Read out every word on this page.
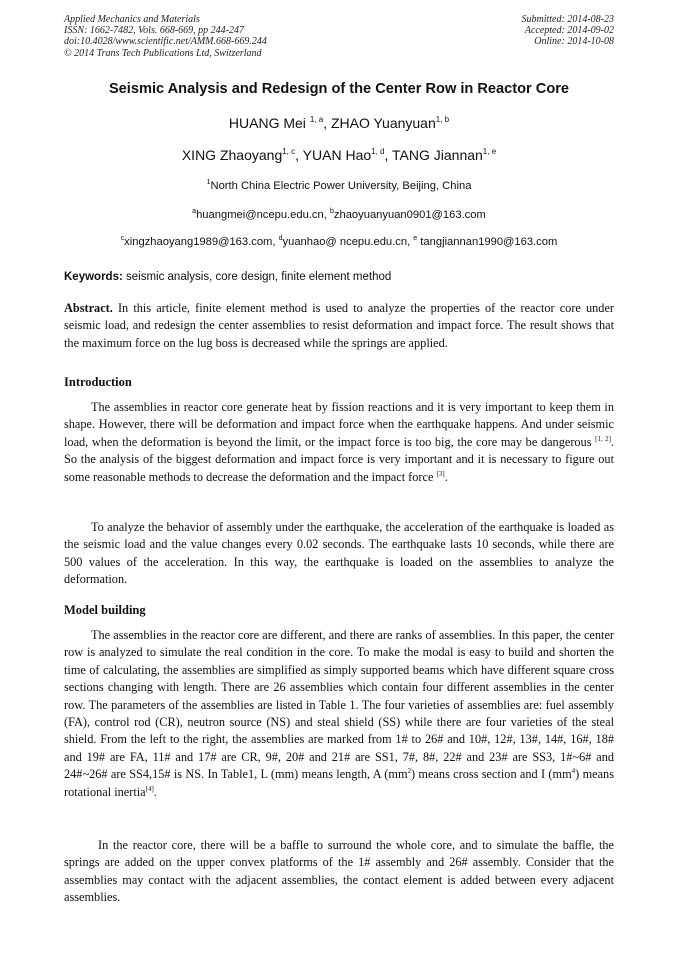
Applied Mechanics and Materials
ISSN: 1662-7482, Vols. 668-669, pp 244-247
doi:10.4028/www.scientific.net/AMM.668-669.244
© 2014 Trans Tech Publications Ltd, Switzerland
Submitted: 2014-08-23
Accepted: 2014-09-02
Online: 2014-10-08
Seismic Analysis and Redesign of the Center Row in Reactor Core
HUANG Mei $^{1, a}$, ZHAO Yuanyuan$^{1, b}$
XING Zhaoyang$^{1, c}$, YUAN Hao$^{1, d}$, TANG Jiannan$^{1, e}$
$^1$North China Electric Power University, Beijing, China
$^a$huangmei@ncepu.edu.cn, $^b$zhaoyuanyuan0901@163.com
$^c$xingzhaoyang1989@163.com, $^d$yuanhao@ ncepu.edu.cn, $^e$ tangjiannan1990@163.com
Keywords: seismic analysis, core design, finite element method

Abstract. In this article, finite element method is used to analyze the properties of the reactor core under seismic load, and redesign the center assemblies to resist deformation and impact force. The result shows that the maximum force on the lug boss is decreased while the springs are applied.

Introduction

The assemblies in reactor core generate heat by fission reactions and it is very important to keep them in shape. However, there will be deformation and impact force when the earthquake happens. And under seismic load, when the deformation is beyond the limit, or the impact force is too big, the core may be dangerous [1, 2]. So the analysis of the biggest deformation and impact force is very important and it is necessary to figure out some reasonable methods to decrease the deformation and the impact force [3].

To analyze the behavior of assembly under the earthquake, the acceleration of the earthquake is loaded as the seismic load and the value changes every 0.02 seconds. The earthquake lasts 10 seconds, while there are 500 values of the acceleration. In this way, the earthquake is loaded on the assemblies to analyze the deformation.

Model building

The assemblies in the reactor core are different, and there are ranks of assemblies. In this paper, the center row is analyzed to simulate the real condition in the core. To make the modal is easy to build and shorten the time of calculating, the assemblies are simplified as simply supported beams which have different square cross sections changing with length. There are 26 assemblies which contain four different assemblies in the center row. The parameters of the assemblies are listed in Table 1. The four varieties of assemblies are: fuel assembly (FA), control rod (CR), neutron source (NS) and steal shield (SS) while there are four varieties of the steal shield. From the left to the right, the assemblies are marked from 1# to 26# and 10#, 12#, 13#, 14#, 16#, 18# and 19# are FA, 11# and 17# are CR, 9#, 20# and 21# are SS1, 7#, 8#, 22# and 23# are SS3, 1#~6# and 24#~26# are SS4,15# is NS. In Table1, L (mm) means length, A $(mm^2)$ means cross section and I $(mm^4)$ means rotational inertia[4].

In the reactor core, there will be a baffle to surround the whole core, and to simulate the baffle, the springs are added on the upper convex platforms of the 1# assembly and 26# assembly. Consider that the assemblies may contact with the adjacent assemblies, the contact element is added between every adjacent assemblies.
